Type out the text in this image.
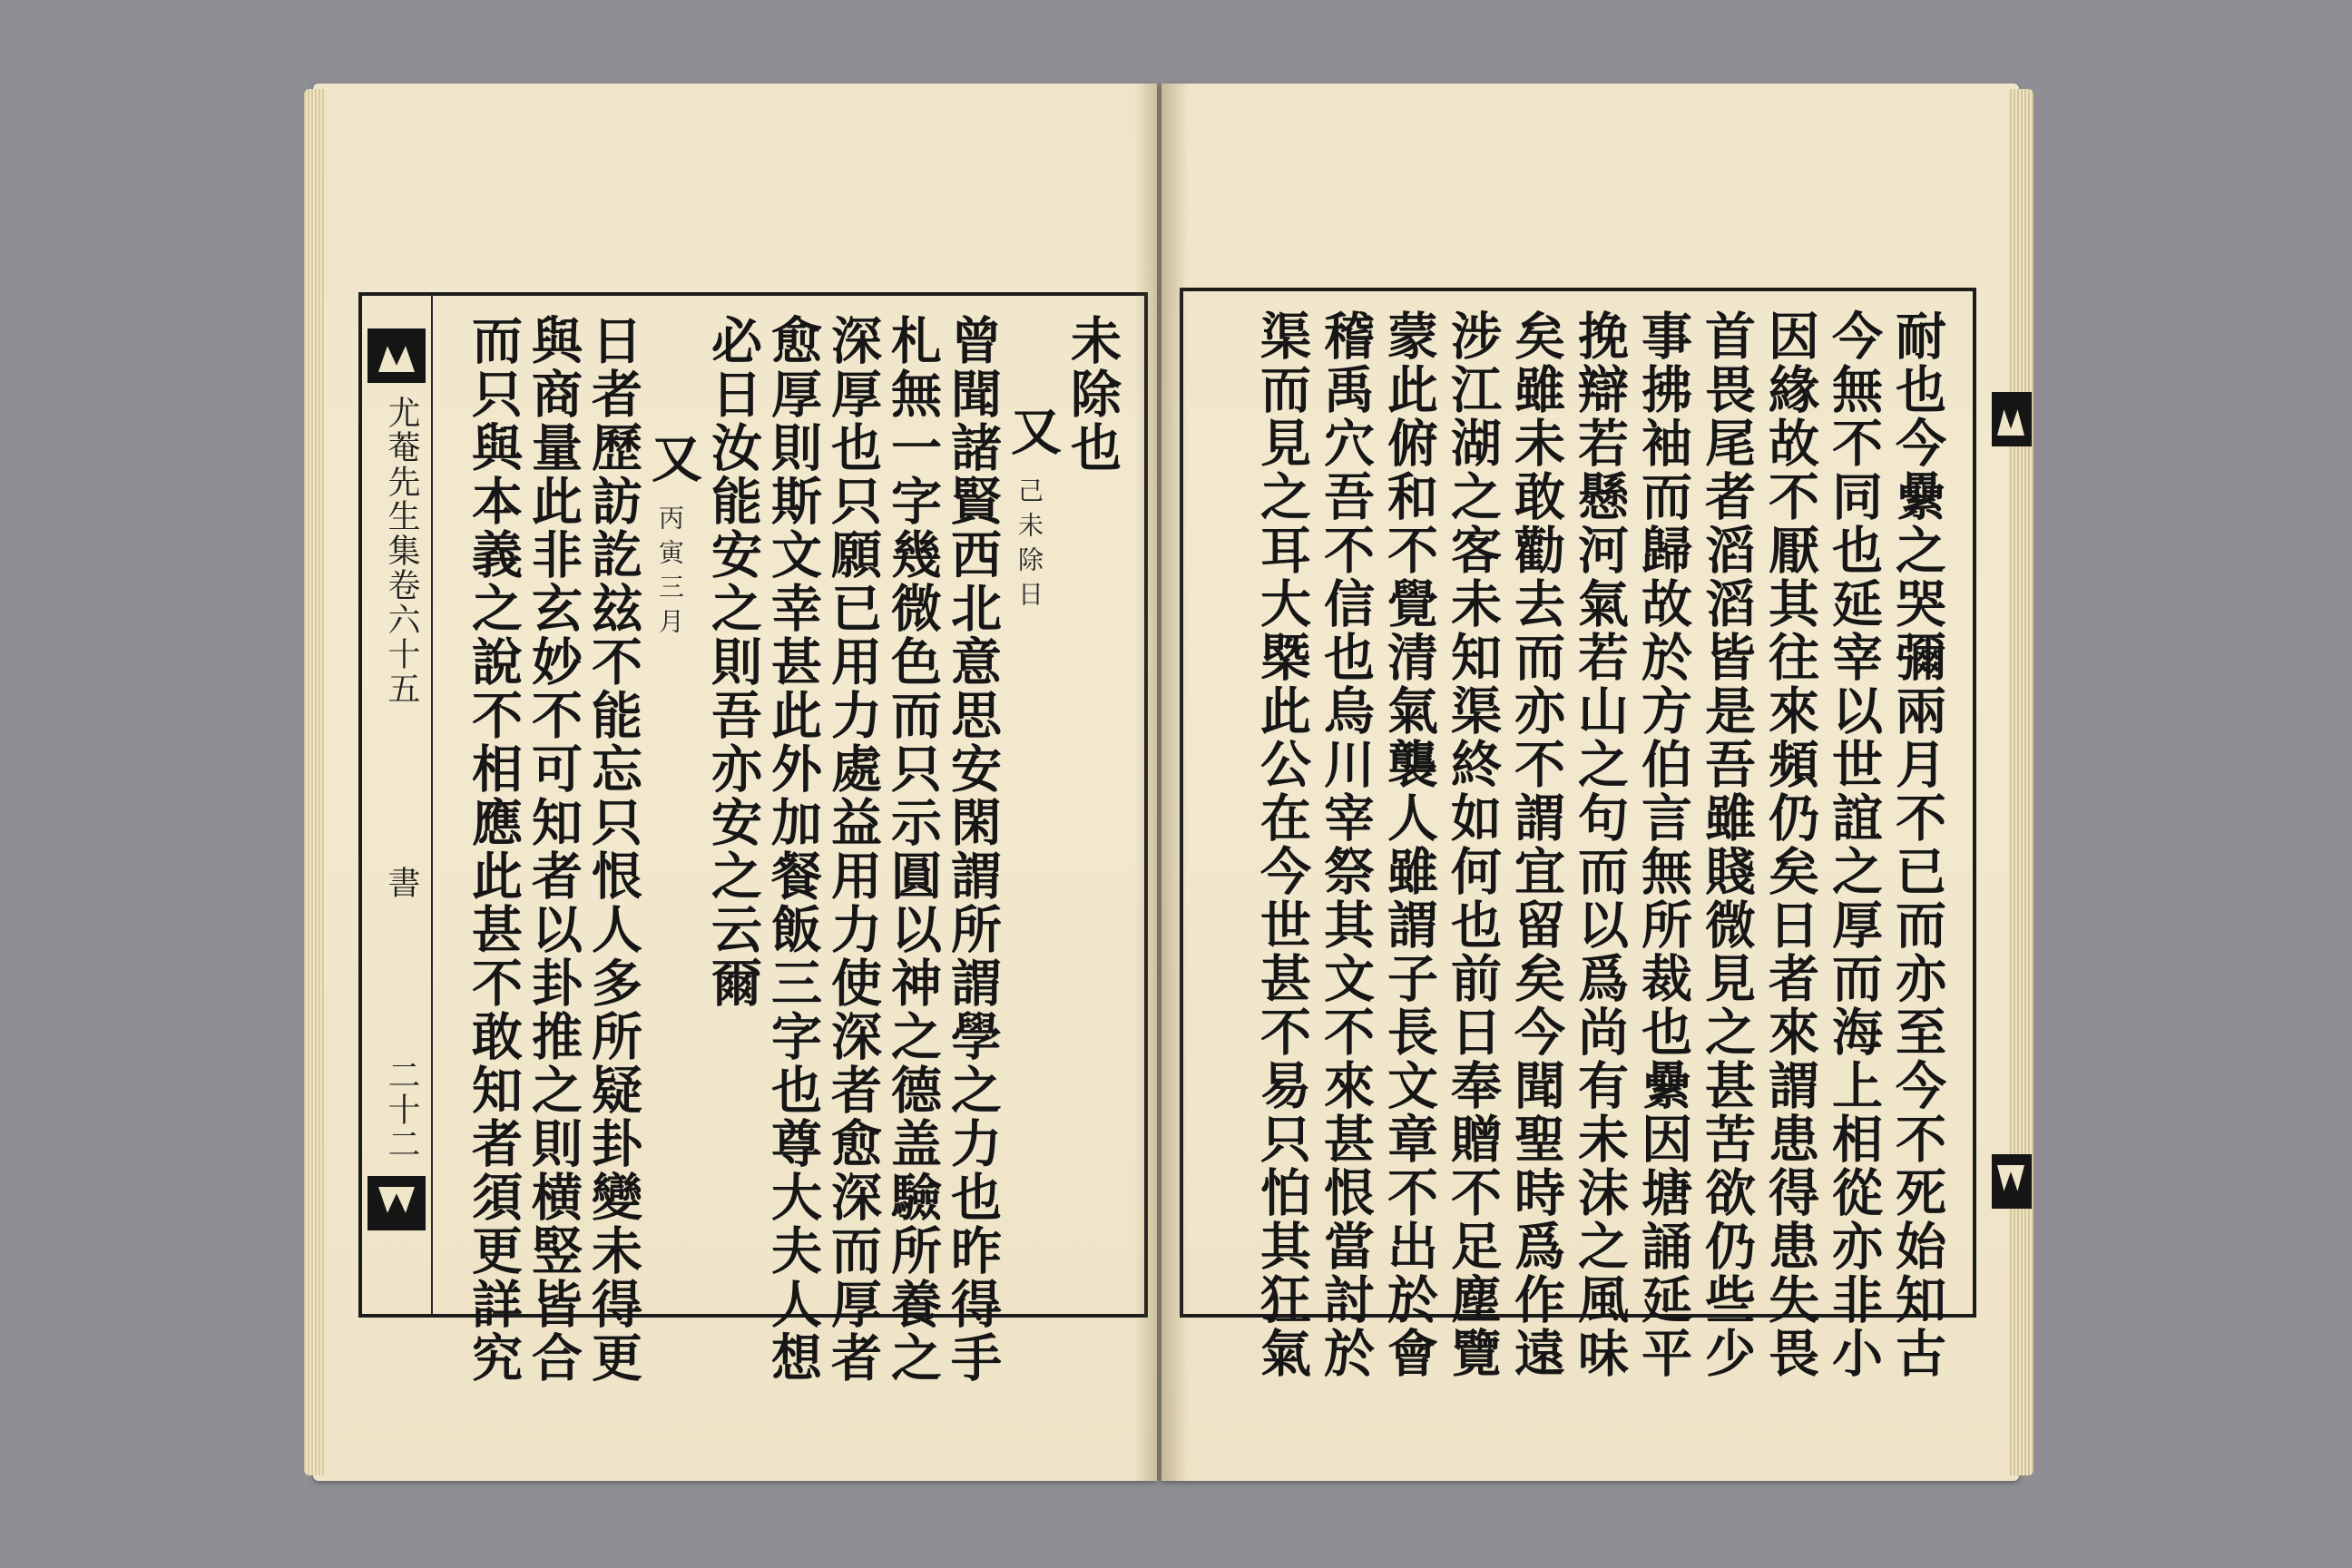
尤菴先生集卷六十五
書
二十二
未除也
又
己未除日
曾聞諸賢西北意思安閑謂所謂學之力也昨得手
札無一字幾微色而只示圓以神之德盖驗所養之
深厚也只願已用力處益用力使深者愈深而厚者
愈厚則斯文幸甚此外加餐飯三字也尊大夫人想
必日汝能安之則吾亦安之云爾
又
丙寅三月
日者歷訪訖玆不能忘只恨人多所疑卦變未得更
與商量此非玄妙不可知者以卦推之則横竪皆合
而只與本義之說不相應此甚不敢知者須更詳究	耐也今纍之哭彌兩月不已而亦至今不死始知古
今無不同也延宰以世誼之厚而海上相從亦非小
因緣故不厭其往來頻仍矣日者來謂患得患失畏
首畏尾者滔滔皆是吾雖賤微見之甚苦欲仍些少
事拂袖而歸故於方伯言無所裁也纍因塘誦延平
挽辯若懸河氣若山之句而以爲尚有未沫之風味
矣雖未敢勸去而亦不謂宜留矣今聞聖時爲作遠
涉江湖之客未知渠終如何也前日奉贈不足塵覽
蒙此俯和不覺清氣襲人雖謂子長文章不出於會
稽禹穴吾不信也烏川宰祭其文不來甚恨當討於
渠而見之耳大槩此公在今世甚不易只怕其狂氣
